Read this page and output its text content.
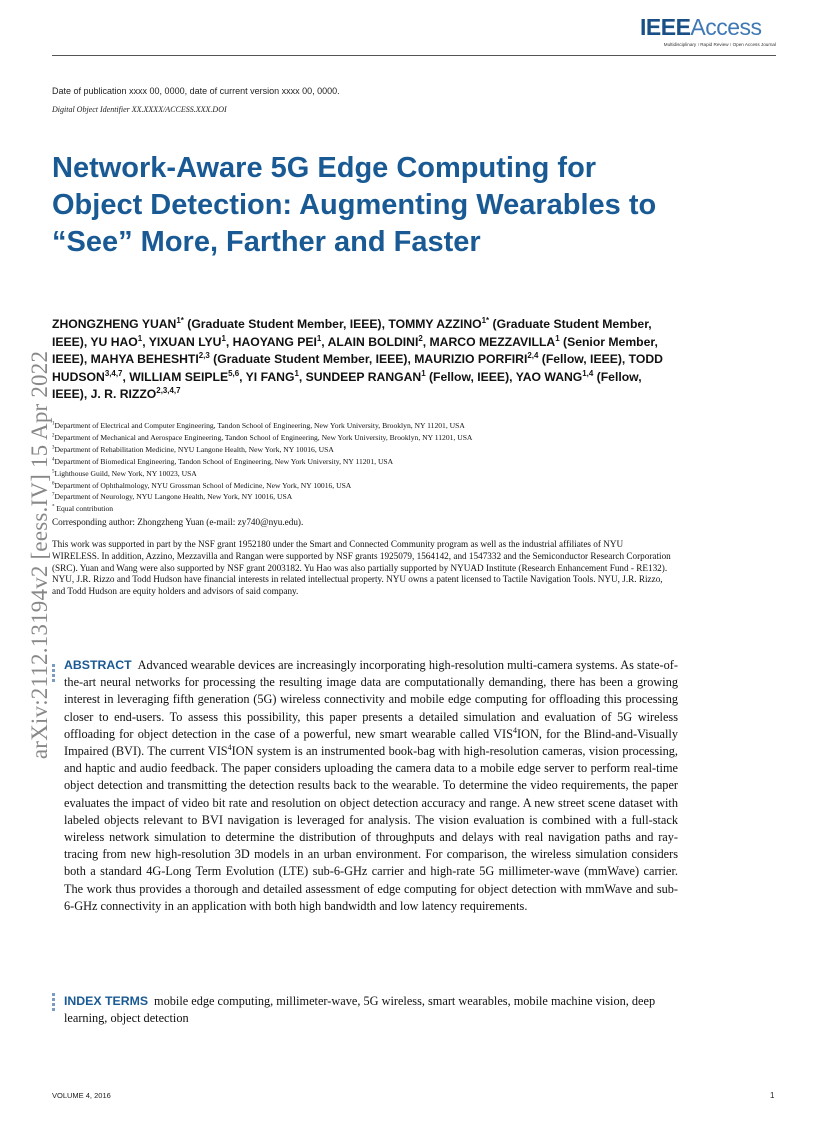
IEEEAccess
Multidisciplinary ⁝ Rapid Review ⁝ Open Access Journal
Date of publication xxxx 00, 0000, date of current version xxxx 00, 0000.
Digital Object Identifier XX.XXXX/ACCESS.XXX.DOI
Network-Aware 5G Edge Computing for Object Detection: Augmenting Wearables to “See” More, Farther and Faster
ZHONGZHENG $YUAN^{1*}$ (Graduate Student Member, IEEE), TOMMY $AZZINO^{1*}$ (Graduate Student Member, IEEE), YU HAO$^1$, YIXUAN LYU$^1$, HAOYANG PEI$^1$, ALAIN BOLDINI$^2$, MARCO MEZZAVILLA$^1$ (Senior Member, IEEE), MAHYA BEHESHTI$^{2,3}$ (Graduate Student Member, IEEE), MAURIZIO PORFIRI$^{2,4}$ (Fellow, IEEE), TODD HUDSON$^{3,4,7}$, WILLIAM SEIPLE$^{5,6}$, YI FANG$^1$, SUNDEEP RANGAN$^1$ (Fellow, IEEE), YAO WANG$^{1,4}$ (Fellow, IEEE), J. R. RIZZO$^{2,3,4,7}$
$^1$Department of Electrical and Computer Engineering, Tandon School of Engineering, New York University, Brooklyn, NY 11201, USA
$^2$Department of Mechanical and Aerospace Engineering, Tandon School of Engineering, New York University, Brooklyn, NY 11201, USA
$^3$Department of Rehabilitation Medicine, NYU Langone Health, New York, NY 10016, USA
$^4$Department of Biomedical Engineering, Tandon School of Engineering, New York University, NY 11201, USA
$^5$Lighthouse Guild, New York, NY 10023, USA
$^6$Department of Ophthalmology, NYU Grossman School of Medicine, New York, NY 10016, USA
$^7$Department of Neurology, NYU Langone Health, New York, NY 10016, USA
* Equal contribution
Corresponding author: Zhongzheng Yuan (e-mail: zy740@nyu.edu).

This work was supported in part by the NSF grant 1952180 under the Smart and Connected Community program as well as the industrial affiliates of NYU WIRELESS. In addition, Azzino, Mezzavilla and Rangan were supported by NSF grants 1925079, 1564142, and 1547332 and the Semiconductor Research Corporation (SRC). Yuan and Wang were also supported by NSF grant 2003182. Yu Hao was also partially supported by NYUAD Institute (Research Enhancement Fund - RE132).

NYU, J.R. Rizzo and Todd Hudson have financial interests in related intellectual property. NYU owns a patent licensed to Tactile Navigation Tools. NYU, J.R. Rizzo, and Todd Hudson are equity holders and advisors of said company.

ABSTRACT Advanced wearable devices are increasingly incorporating high-resolution multi-camera systems. As state-of-the-art neural networks for processing the resulting image data are computationally demanding, there has been a growing interest in leveraging fifth generation (5G) wireless connectivity and mobile edge computing for offloading this processing closer to end-users. To assess this possibility, this paper presents a detailed simulation and evaluation of 5G wireless offloading for object detection in the case of a powerful, new smart wearable called VIS$^4$ION, for the Blind-and-Visually Impaired (BVI). The current VIS$^4$ION system is an instrumented book-bag with high-resolution cameras, vision processing, and haptic and audio feedback. The paper considers uploading the camera data to a mobile edge server to perform real-time object detection and transmitting the detection results back to the wearable. To determine the video requirements, the paper evaluates the impact of video bit rate and resolution on object detection accuracy and range. A new street scene dataset with labeled objects relevant to BVI navigation is leveraged for analysis. The vision evaluation is combined with a full-stack wireless network simulation to determine the distribution of throughputs and delays with real navigation paths and ray-tracing from new high-resolution 3D models in an urban environment. For comparison, the wireless simulation considers both a standard 4G-Long Term Evolution (LTE) sub-6-GHz carrier and high-rate 5G millimeter-wave (mmWave) carrier. The work thus provides a thorough and detailed assessment of edge computing for object detection with mmWave and sub-6-GHz connectivity in an application with both high bandwidth and low latency requirements.
INDEX TERMS mobile edge computing, millimeter-wave, 5G wireless, smart wearables, mobile machine vision, deep learning, object detection
arXiv:2112.13194v2 [eess.IV] 15 Apr 2022
VOLUME 4, 2016	1
